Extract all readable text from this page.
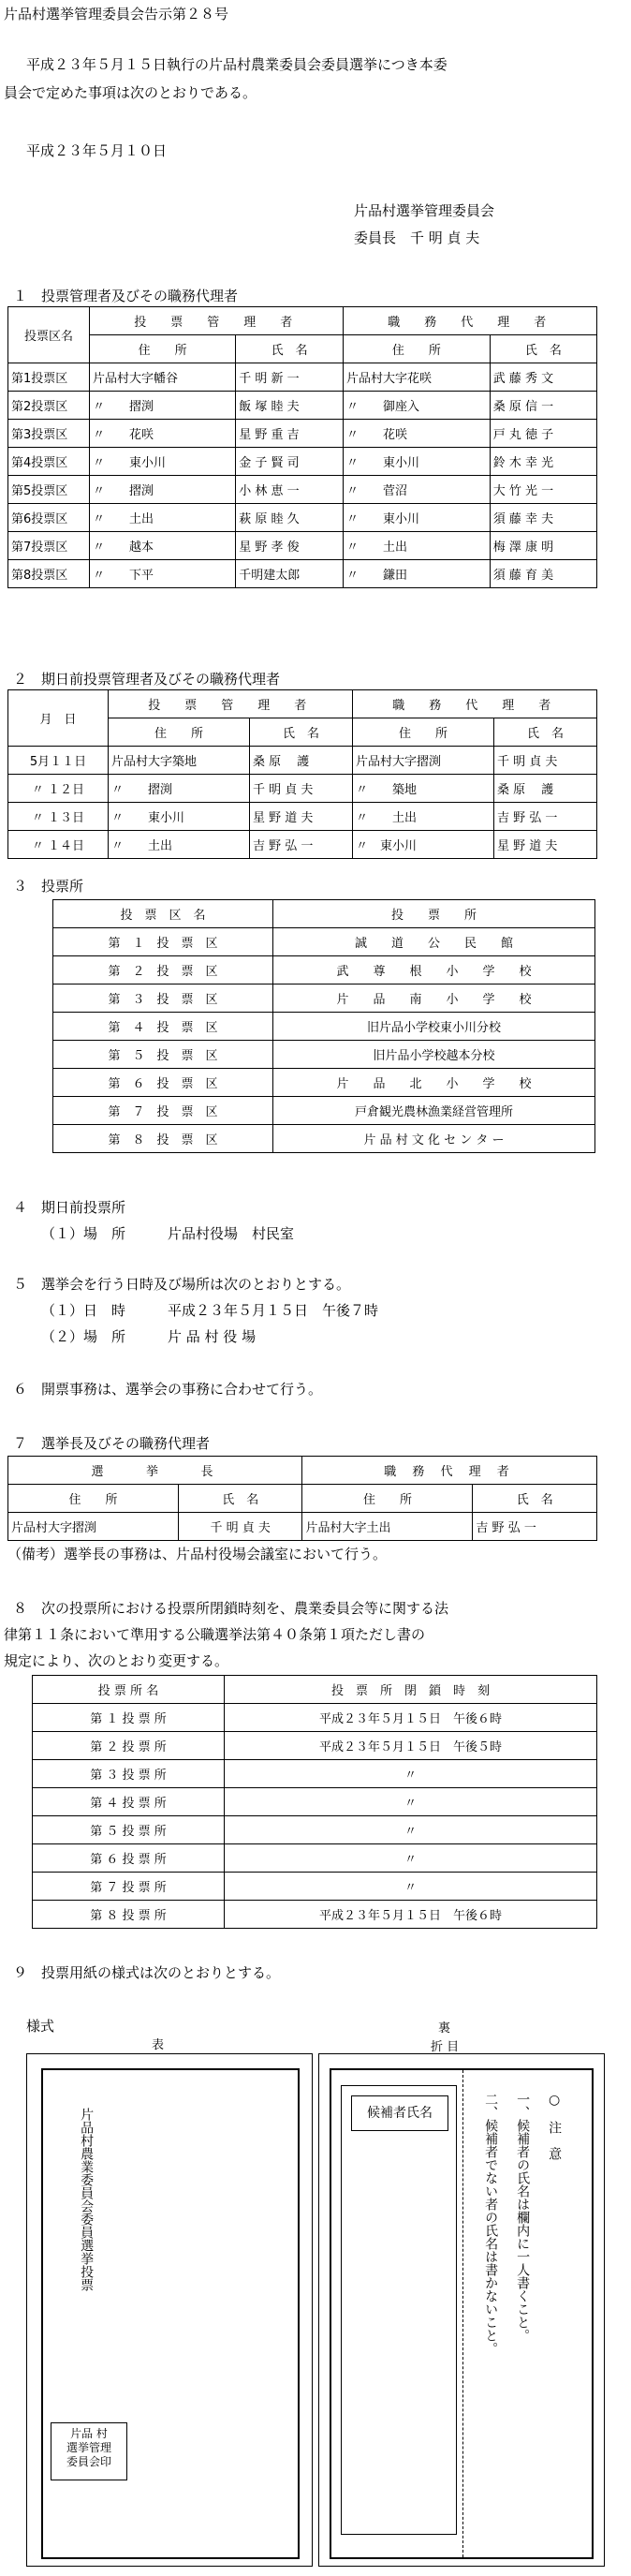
片品村選挙管理委員会告示第２８号
平成２３年５月１５日執行の片品村農業委員会委員選挙につき本委
員会で定めた事項は次のとおりである。
平成２３年５月１０日
片品村選挙管理委員会
委員長　千 明 貞 夫
１　投票管理者及びその職務代理者
投票区名	投　票　管　理　者		職　務　代　理　者	
	住　　所	氏　名	住　　所	氏　名
第1投票区	片品村大字幡谷	千 明 新 一	片品村大字花咲	武 藤 秀 文
第2投票区	〃　　摺渕	飯 塚 睦 夫	〃　　御座入	桑 原 信 一
第3投票区	〃　　花咲	星 野 重 吉	〃　　花咲	戸 丸 徳 子
第4投票区	〃　　東小川	金 子 賢 司	〃　　東小川	鈴 木 幸 光
第5投票区	〃　　摺渕	小 林 恵 一	〃　　菅沼	大 竹 光 一
第6投票区	〃　　土出	萩 原 睦 久	〃　　東小川	須 藤 幸 夫
第7投票区	〃　　越本	星 野 孝 俊	〃　　土出	梅 澤 康 明
第8投票区	〃　　下平	千明建太郎	〃　　鎌田	須 藤 育 美
２　期日前投票管理者及びその職務代理者
月　日	投　票　管　理　者		職　務　代　理　者	
	住　　所	氏　名	住　　所	氏　名
5月１１日	片品村大字築地	桑 原　 護	片品村大字摺渕	千 明 貞 夫
〃 １２日	〃　　摺渕	千 明 貞 夫	〃　　築地	桑 原　 護
〃 １３日	〃　　東小川	星 野 道 夫	〃　　土出	吉 野 弘 一
〃 １４日	〃　　土出	吉 野 弘 一	〃　東小川	星 野 道 夫
３　投票所
投　票　区　名	投　　票　　所
第　１　投　票　区	誠　　道　　公　　民　　館
第　２　投　票　区	武　　尊　　根　　小　　学　　校
第　３　投　票　区	片　　品　　南　　小　　学　　校
第　４　投　票　区	旧片品小学校東小川分校
第　５　投　票　区	旧片品小学校越本分校
第　６　投　票　区	片　　品　　北　　小　　学　　校
第　７　投　票　区	戸倉観光農林漁業経営管理所
第　８　投　票　区	片 品 村 文 化 セ ン タ ー
４　期日前投票所
（１）場　所　　　片品村役場　村民室
５　選挙会を行う日時及び場所は次のとおりとする。
（１）日　時　　　平成２３年５月１５日　午後７時
（２）場　所　　　片 品 村 役 場
６　開票事務は、選挙会の事務に合わせて行う。
７　選挙長及びその職務代理者
選　　挙　　長		職 務 代 理 者	
住　　所	氏　名	住　　所	氏　名
片品村大字摺渕	千 明 貞 夫	片品村大字土出	吉 野 弘 一
（備考）選挙長の事務は、片品村役場会議室において行う。
８　次の投票所における投票所閉鎖時刻を、農業委員会等に関する法
律第１１条において準用する公職選挙法第４０条第１項ただし書の
規定により、次のとおり変更する。
投 票 所 名	投　票　所　閉　鎖　時　刻
第 １ 投 票 所	平成２３年５月１５日　午後６時
第 ２ 投 票 所	平成２３年５月１５日　午後５時
第 ３ 投 票 所	〃
第 ４ 投 票 所	〃
第 ５ 投 票 所	〃
第 ６ 投 票 所	〃
第 ７ 投 票 所	〃
第 ８ 投 票 所	平成２３年５月１５日　午後６時
９　投票用紙の様式は次のとおりとする。
様式
表
裏
折 目
片品村農業委員会委員選挙投票
片品 村
選挙管理
委員会印
候補者氏名	○　注　意
一、候補者の氏名は欄内に一人書くこと。
二、候補者でない者の氏名は書かないこと。
